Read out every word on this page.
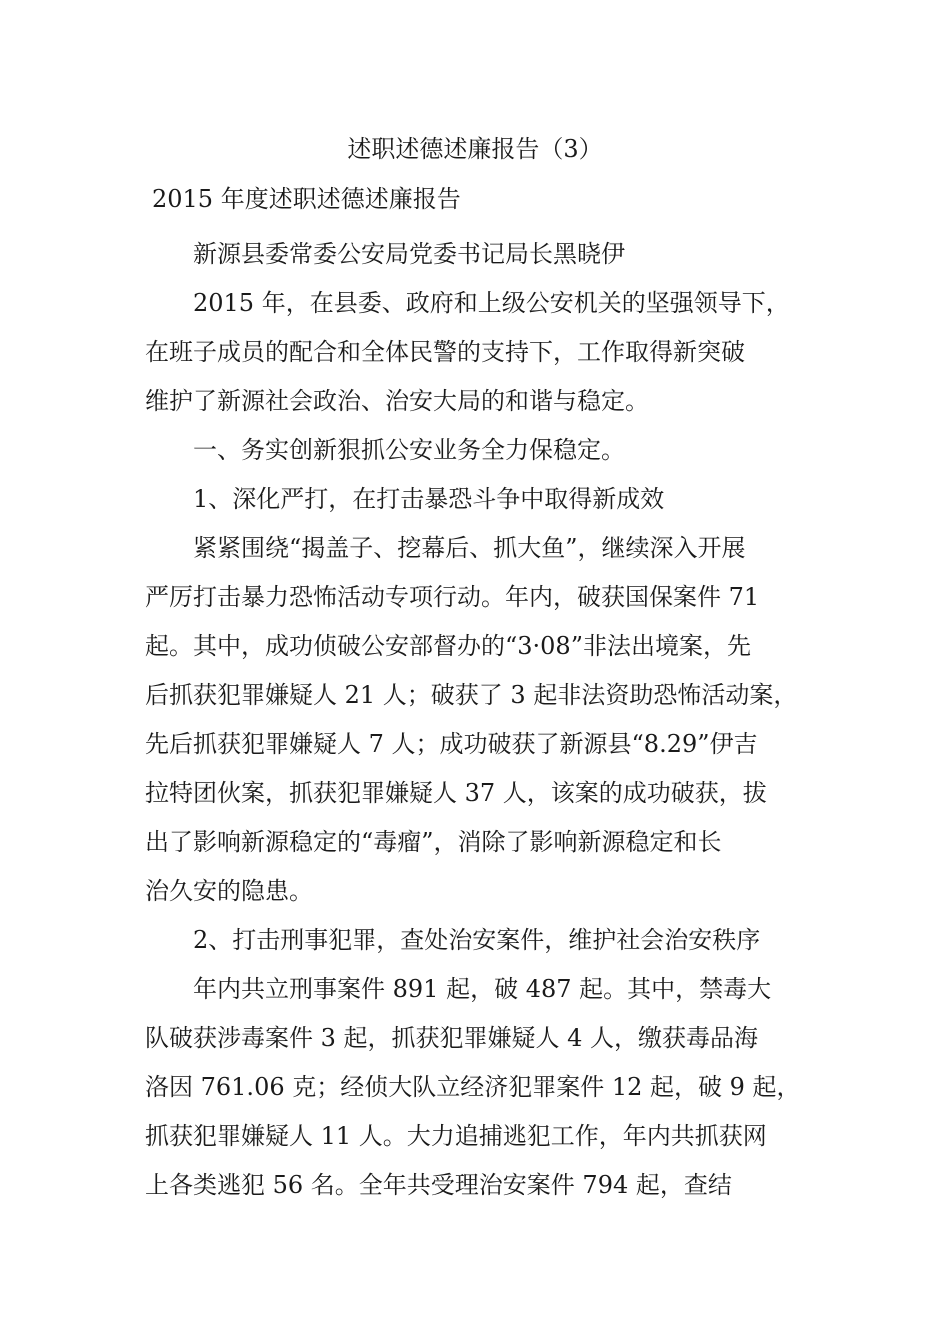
述职述德述廉报告（3）
2015 年度述职述德述廉报告

　　新源县委常委公安局党委书记局长黑晓伊

　　2015 年，在县委、政府和上级公安机关的坚强领导下，

在班子成员的配合和全体民警的支持下，工作取得新突破

维护了新源社会政治、治安大局的和谐与稳定。

　　一、务实创新狠抓公安业务全力保稳定。

　　1、深化严打，在打击暴恐斗争中取得新成效

　　紧紧围绕“揭盖子、挖幕后、抓大鱼”，继续深入开展

严厉打击暴力恐怖活动专项行动。年内，破获国保案件 71

起。其中，成功侦破公安部督办的“3·08”非法出境案，先

后抓获犯罪嫌疑人 21 人；破获了 3 起非法资助恐怖活动案，

先后抓获犯罪嫌疑人 7 人；成功破获了新源县“8.29”伊吉

拉特团伙案，抓获犯罪嫌疑人 37 人，该案的成功破获，拔

出了影响新源稳定的“毒瘤”，消除了影响新源稳定和长

治久安的隐患。

　　2、打击刑事犯罪，查处治安案件，维护社会治安秩序

　　年内共立刑事案件 891 起，破 487 起。其中，禁毒大

队破获涉毒案件 3 起，抓获犯罪嫌疑人 4 人，缴获毒品海

洛因 761.06 克；经侦大队立经济犯罪案件 12 起，破 9 起，

抓获犯罪嫌疑人 11 人。大力追捕逃犯工作，年内共抓获网

上各类逃犯 56 名。全年共受理治安案件 794 起，查结
